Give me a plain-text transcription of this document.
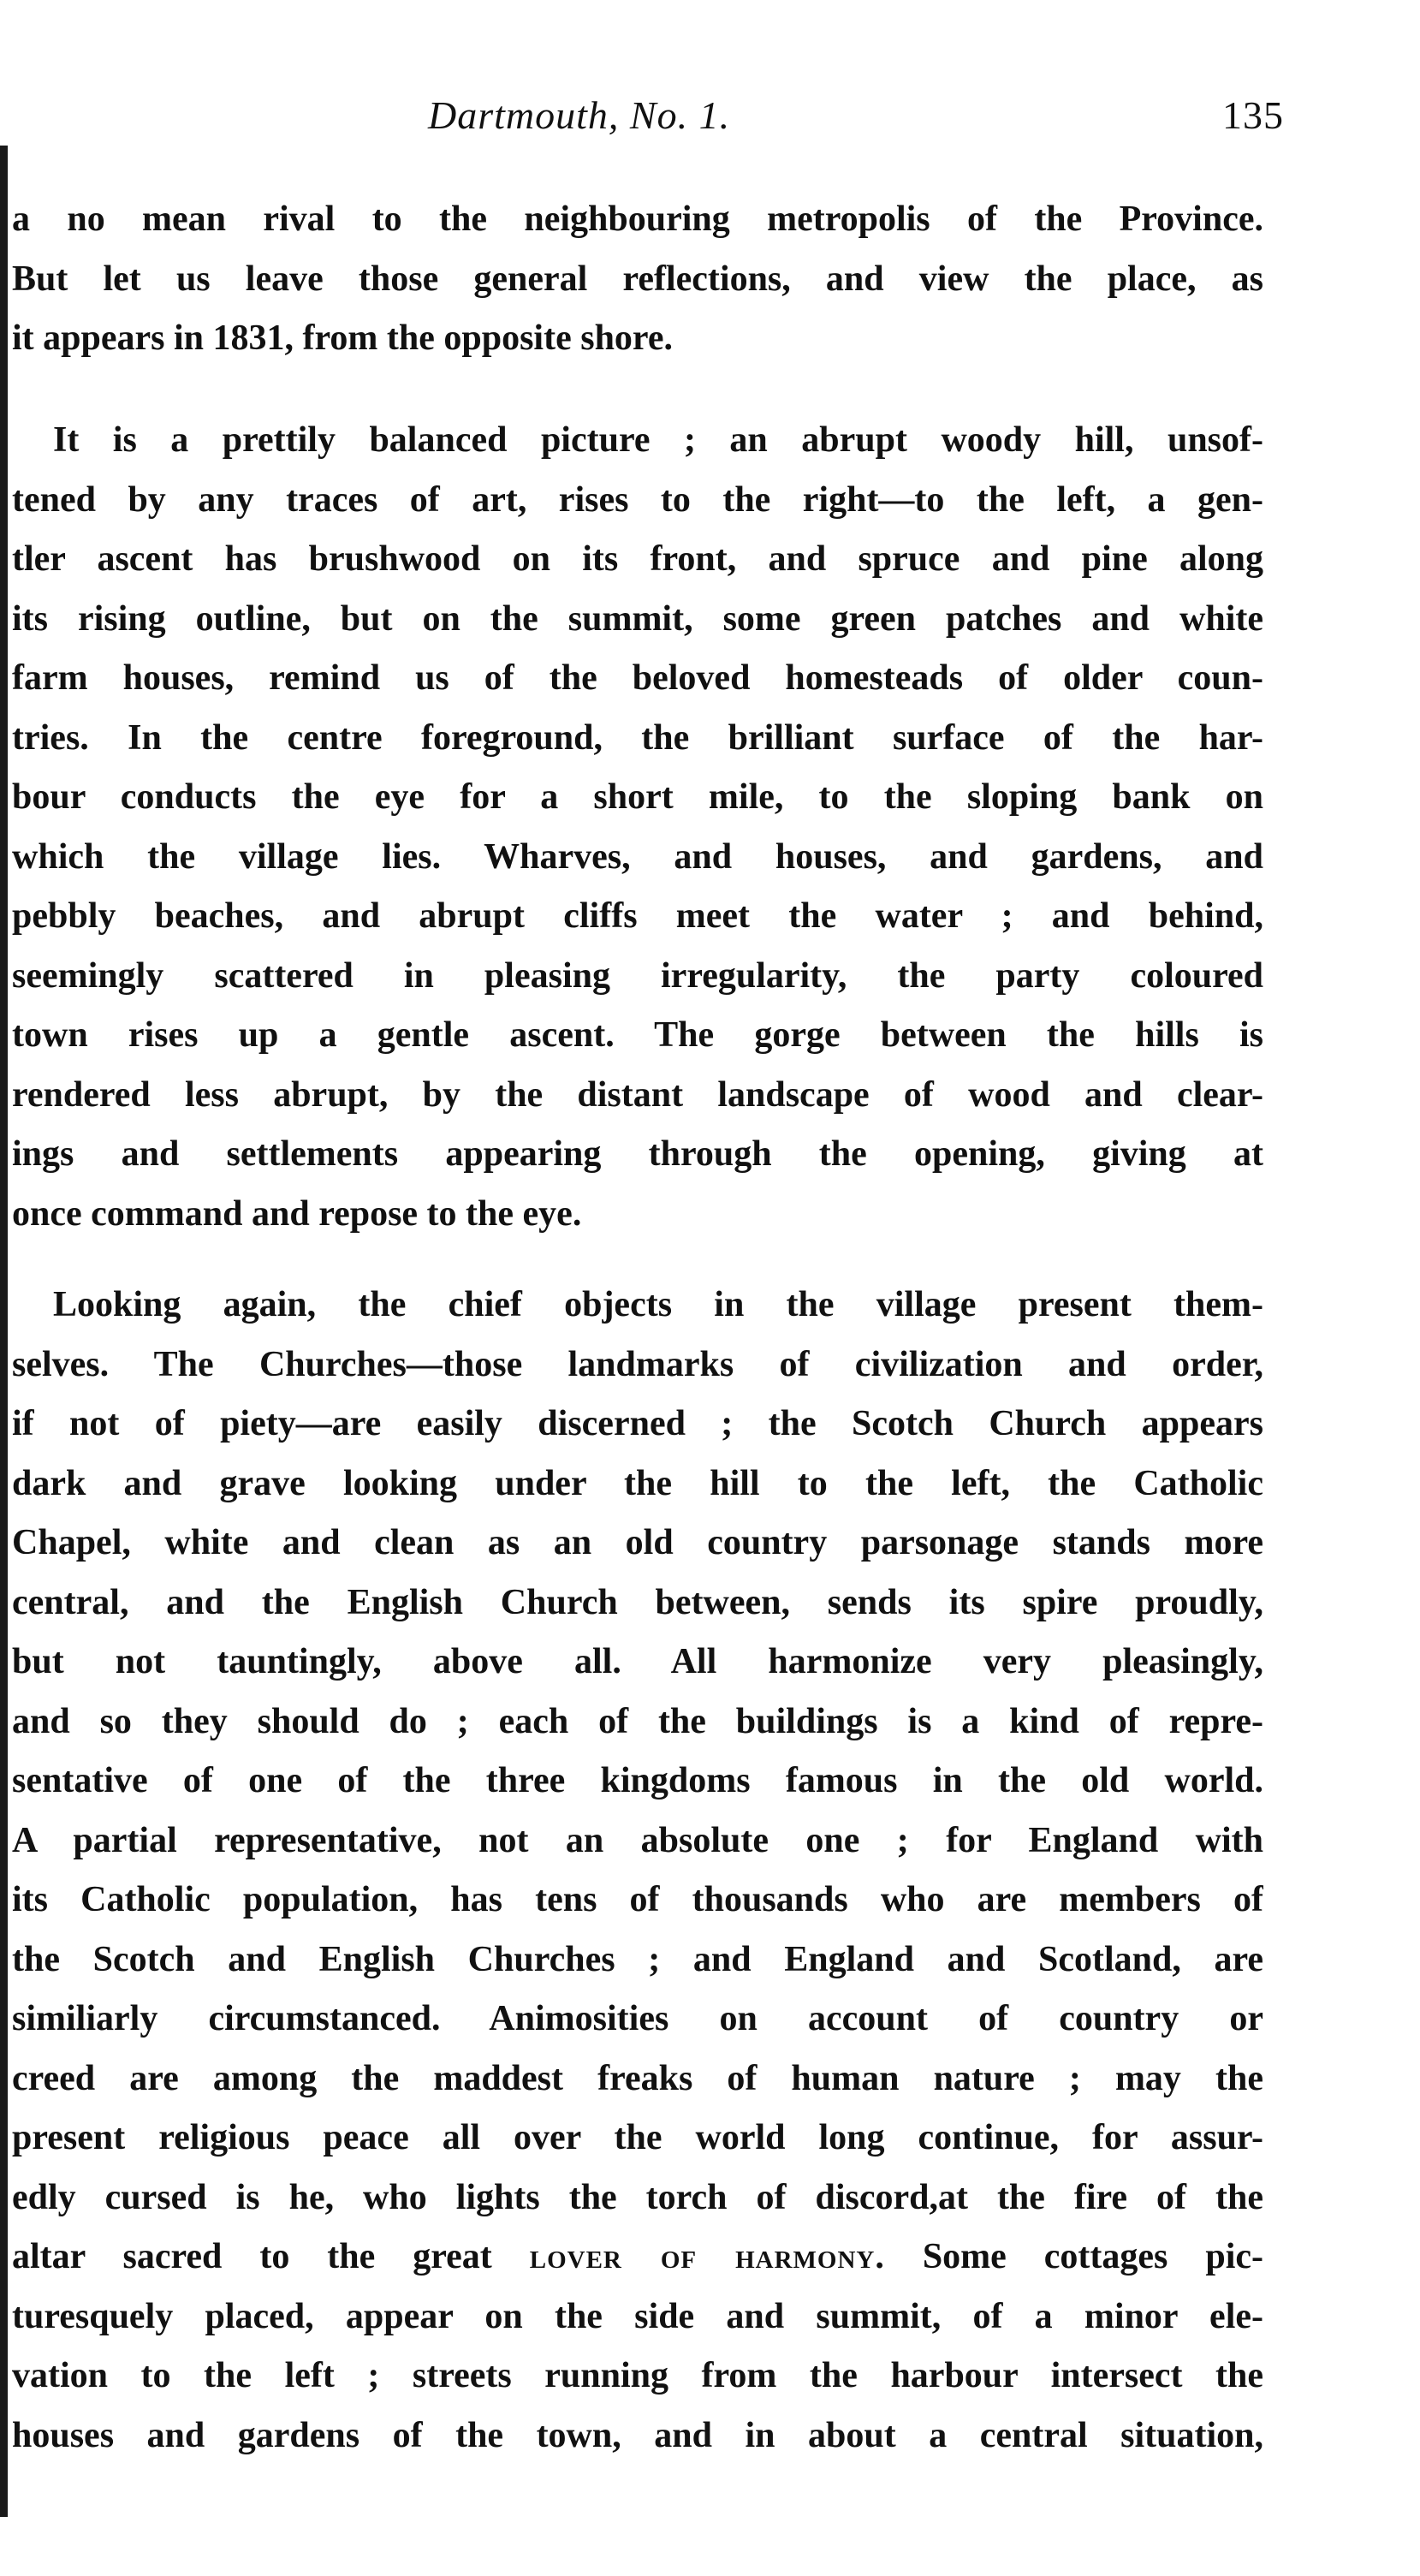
Dartmouth, No. 1.	135
a no mean rival to the neighbouring metropolis of the Province.
But let us leave those general reflections, and view the place, as
it appears in 1831, from the opposite shore.
It is a prettily balanced picture ; an abrupt woody hill, unsof-
tened by any traces of art, rises to the right—to the left, a gen-
tler ascent has brushwood on its front, and spruce and pine along
its rising outline, but on the summit, some green patches and white
farm houses, remind us of the beloved homesteads of older coun-
tries. In the centre foreground, the brilliant surface of the har-
bour conducts the eye for a short mile, to the sloping bank on
which the village lies. Wharves, and houses, and gardens, and
pebbly beaches, and abrupt cliffs meet the water ; and behind,
seemingly scattered in pleasing irregularity, the party coloured
town rises up a gentle ascent. The gorge between the hills is
rendered less abrupt, by the distant landscape of wood and clear-
ings and settlements appearing through the opening, giving at
once command and repose to the eye.
Looking again, the chief objects in the village present them-
selves. The Churches—those landmarks of civilization and order,
if not of piety—are easily discerned ; the Scotch Church appears
dark and grave looking under the hill to the left, the Catholic
Chapel, white and clean as an old country parsonage stands more
central, and the English Church between, sends its spire proudly,
but not tauntingly, above all. All harmonize very pleasingly,
and so they should do ; each of the buildings is a kind of repre-
sentative of one of the three kingdoms famous in the old world.
A partial representative, not an absolute one ; for England with
its Catholic population, has tens of thousands who are members of
the Scotch and English Churches ; and England and Scotland, are
similiarly circumstanced. Animosities on account of country or
creed are among the maddest freaks of human nature ; may the
present religious peace all over the world long continue, for assur-
edly cursed is he, who lights the torch of discord,at the fire of the
altar sacred to the great lover of harmony. Some cottages pic-
turesquely placed, appear on the side and summit, of a minor ele-
vation to the left ; streets running from the harbour intersect the
houses and gardens of the town, and in about a central situation,
